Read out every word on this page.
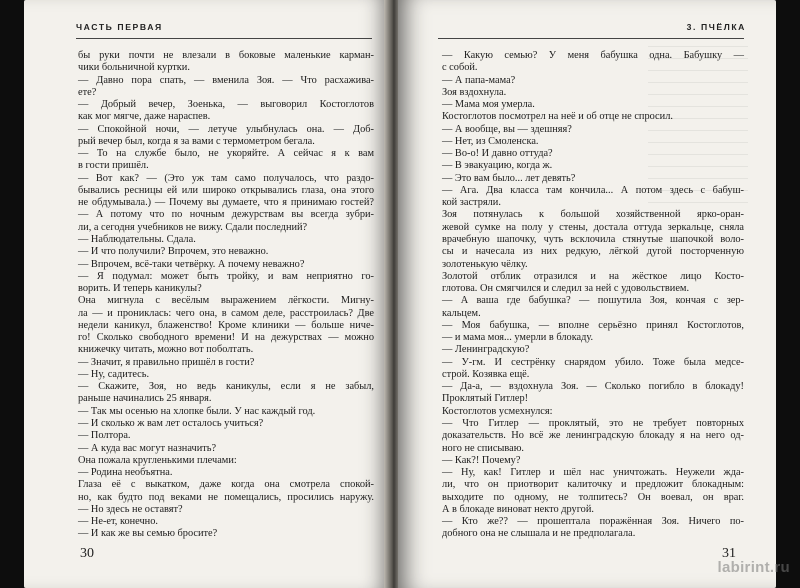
ЧАСТЬ ПЕРВАЯ
бы руки почти не влезали в боковые маленькие карман-
чики больничной куртки.
— Давно пора спать, — вменила Зоя. — Что расхажива-
ете?
— Добрый вечер, Зоенька, — выговорил Костоглотов
как мог мягче, даже нараспев.
— Спокойной ночи, — летуче улыбнулась она. — Доб-
рый вечер был, когда я за вами с термометром бегала.
— То на службе было, не укоряйте. А сейчас я к вам
в гости пришёл.
— Вот как? — (Это уж там само получалось, что раздо-
бывались ресницы ей или широко открывались глаза, она этого
не обдумывала.) — Почему вы думаете, что я принимаю гостей?
— А потому что по ночным дежурствам вы всегда зубри-
ли, а сегодня учебников не вижу. Сдали последний?
— Наблюдательны. Сдала.
— И что получили? Впрочем, это неважно.
— Впрочем, всё-таки четвёрку. А почему неважно?
— Я подумал: может быть тройку, и вам неприятно го-
ворить. И теперь каникулы?
Она мигнула с весёлым выражением лёгкости. Мигну-
ла — и прониклась: чего она, в самом деле, расстроилась? Две
недели каникул, блаженство! Кроме клиники — больше ниче-
го! Сколько свободного времени! И на дежурствах — можно
книжечку читать, можно вот поболтать.
— Значит, я правильно пришёл в гости?
— Ну, садитесь.
— Скажите, Зоя, но ведь каникулы, если я не забыл,
раньше начинались 25 января.
— Так мы осенью на хлопке были. У нас каждый год.
— И сколько ж вам лет осталось учиться?
— Полтора.
— А куда вас могут назначить?
Она пожала кругленькими плечами:
— Родина необъятна.
Глаза её с выкатком, даже когда она смотрела спокой-
но, как будто под веками не помещались, просились наружу.
— Но здесь не оставят?
— Не-ет, конечно.
— И как же вы семью бросите?
30
3. ПЧЁЛКА
— Какую семью? У меня бабушка одна. Бабушку —
с собой.
— А папа-мама?
Зоя вздохнула.
— Мама моя умерла.
Костоглотов посмотрел на неё и об отце не спросил.
— А вообще, вы — здешняя?
— Нет, из Смоленска.
— Во-о! И давно оттуда?
— В эвакуацию, когда ж.
— Это вам было... лет девять?
— Ага. Два класса там кончила... А потом здесь с бабуш-
кой застряли.
Зоя потянулась к большой хозяйственной ярко-оран-
жевой сумке на полу у стены, достала оттуда зеркальце, сняла
врачебную шапочку, чуть всклочила стянутые шапочкой воло-
сы и начесала из них редкую, лёгкой дугой посторченную
золотенькую чёлку.
Золотой отблик отразился и на жёсткое лицо Косто-
глотова. Он смягчился и следил за ней с удовольствием.
— А ваша где бабушка? — пошутила Зоя, кончая с зер-
кальцем.
— Моя бабушка, — вполне серьёзно принял Костоглотов,
— и мама моя... умерли в блокаду.
— Ленинградскую?
— У-гм. И сестрёнку снарядом убило. Тоже была медсе-
строй. Козявка ещё.
— Да-а, — вздохнула Зоя. — Сколько погибло в блокаду!
Проклятый Гитлер!
Костоглотов усмехнулся:
— Что Гитлер — проклятый, это не требует повторных
доказательств. Но всё же ленинградскую блокаду я на него од-
ного не списываю.
— Как?! Почему?
— Ну, как! Гитлер и шёл нас уничтожать. Неужели жда-
ли, что он приотворит калиточку и предложит блокадным:
выходите по одному, не толпитесь? Он воевал, он враг.
А в блокаде виноват некто другой.
— Кто же?? — прошептала поражённая Зоя. Ничего по-
добного она не слышала и не предполагала.
31
labirint.ru
